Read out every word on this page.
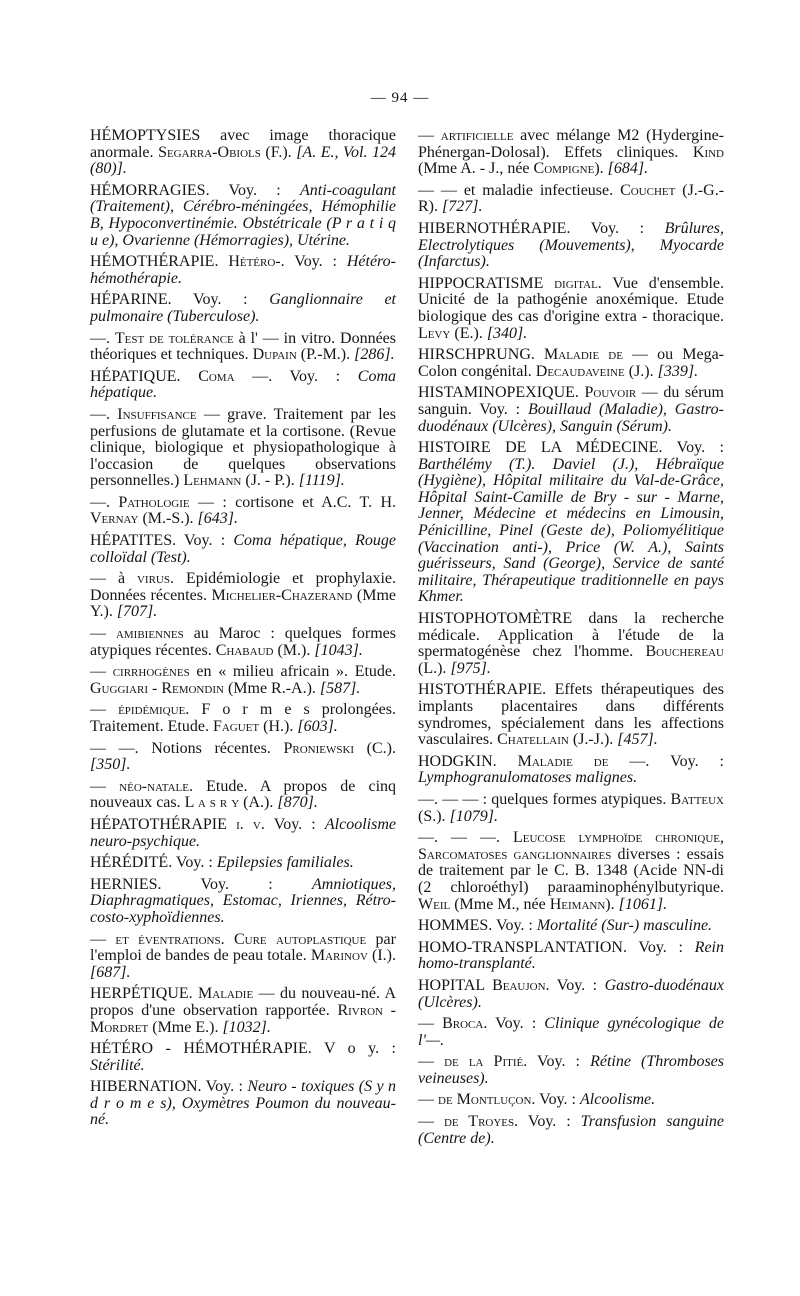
— 94 —

HÉMOPTYSIES avec image thoracique anormale. Segarra-Obiols (F.). [A. E., Vol. 124 (80)].

HÉMORRAGIES. Voy. : Anti-coagulant (Traitement), Cérébro-méningées, Hémophilie B, Hypoconvertinémie. Obstétricale (P r a t i q u e), Ovarienne (Hémorragies), Utérine.

HÉMOTHÉRAPIE. Hétéro-. Voy. : Hétéro-hémothérapie.

HÉPARINE. Voy. : Ganglionnaire et pulmonaire (Tuberculose).

—. Test de tolérance à l' — in vitro. Données théoriques et techniques. Dupain (P.-M.). [286].

HÉPATIQUE. Coma —. Voy. : Coma hépatique.

—. Insuffisance — grave. Traitement par les perfusions de glutamate et la cortisone. (Revue clinique, biologique et physiopathologique à l'occasion de quelques observations personnelles.) Lehmann (J. - P.). [1119].

—. Pathologie — : cortisone et A.C. T. H. Vernay (M.-S.). [643].

HÉPATITES. Voy. : Coma hépatique, Rouge colloïdal (Test).

— à virus. Epidémiologie et prophylaxie. Données récentes. Michelier-Chazerand (Mme Y.). [707].

— amibiennes au Maroc : quelques formes atypiques récentes. Chabaud (M.). [1043].

— cirrhogènes en « milieu africain ». Etude. Guggiari - Remondin (Mme R.-A.). [587].

— épidémique. F o r m e s prolongées. Traitement. Etude. Faguet (H.). [603].

— —. Notions récentes. Proniewski (C.). [350].

— néo-natale. Etude. A propos de cinq nouveaux cas. L a s r y (A.). [870].

HÉPATOTHÉRAPIE i. v. Voy. : Alcoolisme neuro-psychique.

HÉRÉDITÉ. Voy. : Epilepsies familiales.

HERNIES. Voy. : Amniotiques, Diaphragmatiques, Estomac, Iriennes, Rétro-costo-xyphoïdiennes.

— et éventrations. Cure autoplastique par l'emploi de bandes de peau totale. Marinov (I.). [687].

HERPÉTIQUE. Maladie — du nouveau-né. A propos d'une observation rapportée. Rivron - Mordret (Mme E.). [1032].

HÉTÉRO - HÉMOTHÉRAPIE. V o y. : Stérilité.

HIBERNATION. Voy. : Neuro - toxiques (S y n d r o m e s), Oxymètres Poumon du nouveau-né.

— artificielle avec mélange M2 (Hydergine-Phénergan-Dolosal). Effets cliniques. Kind (Mme A. - J., née Compigne). [684].

— — et maladie infectieuse. Couchet (J.-G.-R). [727].

HIBERNOTHÉRAPIE. Voy. : Brûlures, Electrolytiques (Mouvements), Myocarde (Infarctus).

HIPPOCRATISME digital. Vue d'ensemble. Unicité de la pathogénie anoxémique. Etude biologique des cas d'origine extra - thoracique. Levy (E.). [340].

HIRSCHPRUNG. Maladie de — ou Mega-Colon congénital. Decaudaveine (J.). [339].

HISTAMINOPEXIQUE. Pouvoir — du sérum sanguin. Voy. : Bouillaud (Maladie), Gastro-duodénaux (Ulcères), Sanguin (Sérum).

HISTOIRE DE LA MÉDECINE. Voy. : Barthélémy (T.). Daviel (J.), Hébraïque (Hygiène), Hôpital militaire du Val-de-Grâce, Hôpital Saint-Camille de Bry - sur - Marne, Jenner, Médecine et médecins en Limousin, Pénicilline, Pinel (Geste de), Poliomyélitique (Vaccination anti-), Price (W. A.), Saints guérisseurs, Sand (George), Service de santé militaire, Thérapeutique traditionnelle en pays Khmer.

HISTOPHOTOMÈTRE dans la recherche médicale. Application à l'étude de la spermatogénèse chez l'homme. Bouchereau (L.). [975].

HISTOTHÉRAPIE. Effets thérapeutiques des implants placentaires dans différents syndromes, spécialement dans les affections vasculaires. Chatellain (J.-J.). [457].

HODGKIN. Maladie de —. Voy. : Lymphogranulomatoses malignes.

—. — — : quelques formes atypiques. Batteux (S.). [1079].

—. — —. Leucose lymphoïde chronique, Sarcomatoses ganglionnaires diverses : essais de traitement par le C. B. 1348 (Acide NN-di (2 chloroéthyl) paraaminophénylbutyrique. Weil (Mme M., née Heimann). [1061].

HOMMES. Voy. : Mortalité (Sur-) masculine.

HOMO-TRANSPLANTATION. Voy. : Rein homo-transplanté.

HOPITAL Beaujon. Voy. : Gastro-duodénaux (Ulcères).

— Broca. Voy. : Clinique gynécologique de l'—.

— de la Pitié. Voy. : Rétine (Thromboses veineuses).

— de Montluçon. Voy. : Alcoolisme.

— de Troyes. Voy. : Transfusion sanguine (Centre de).
